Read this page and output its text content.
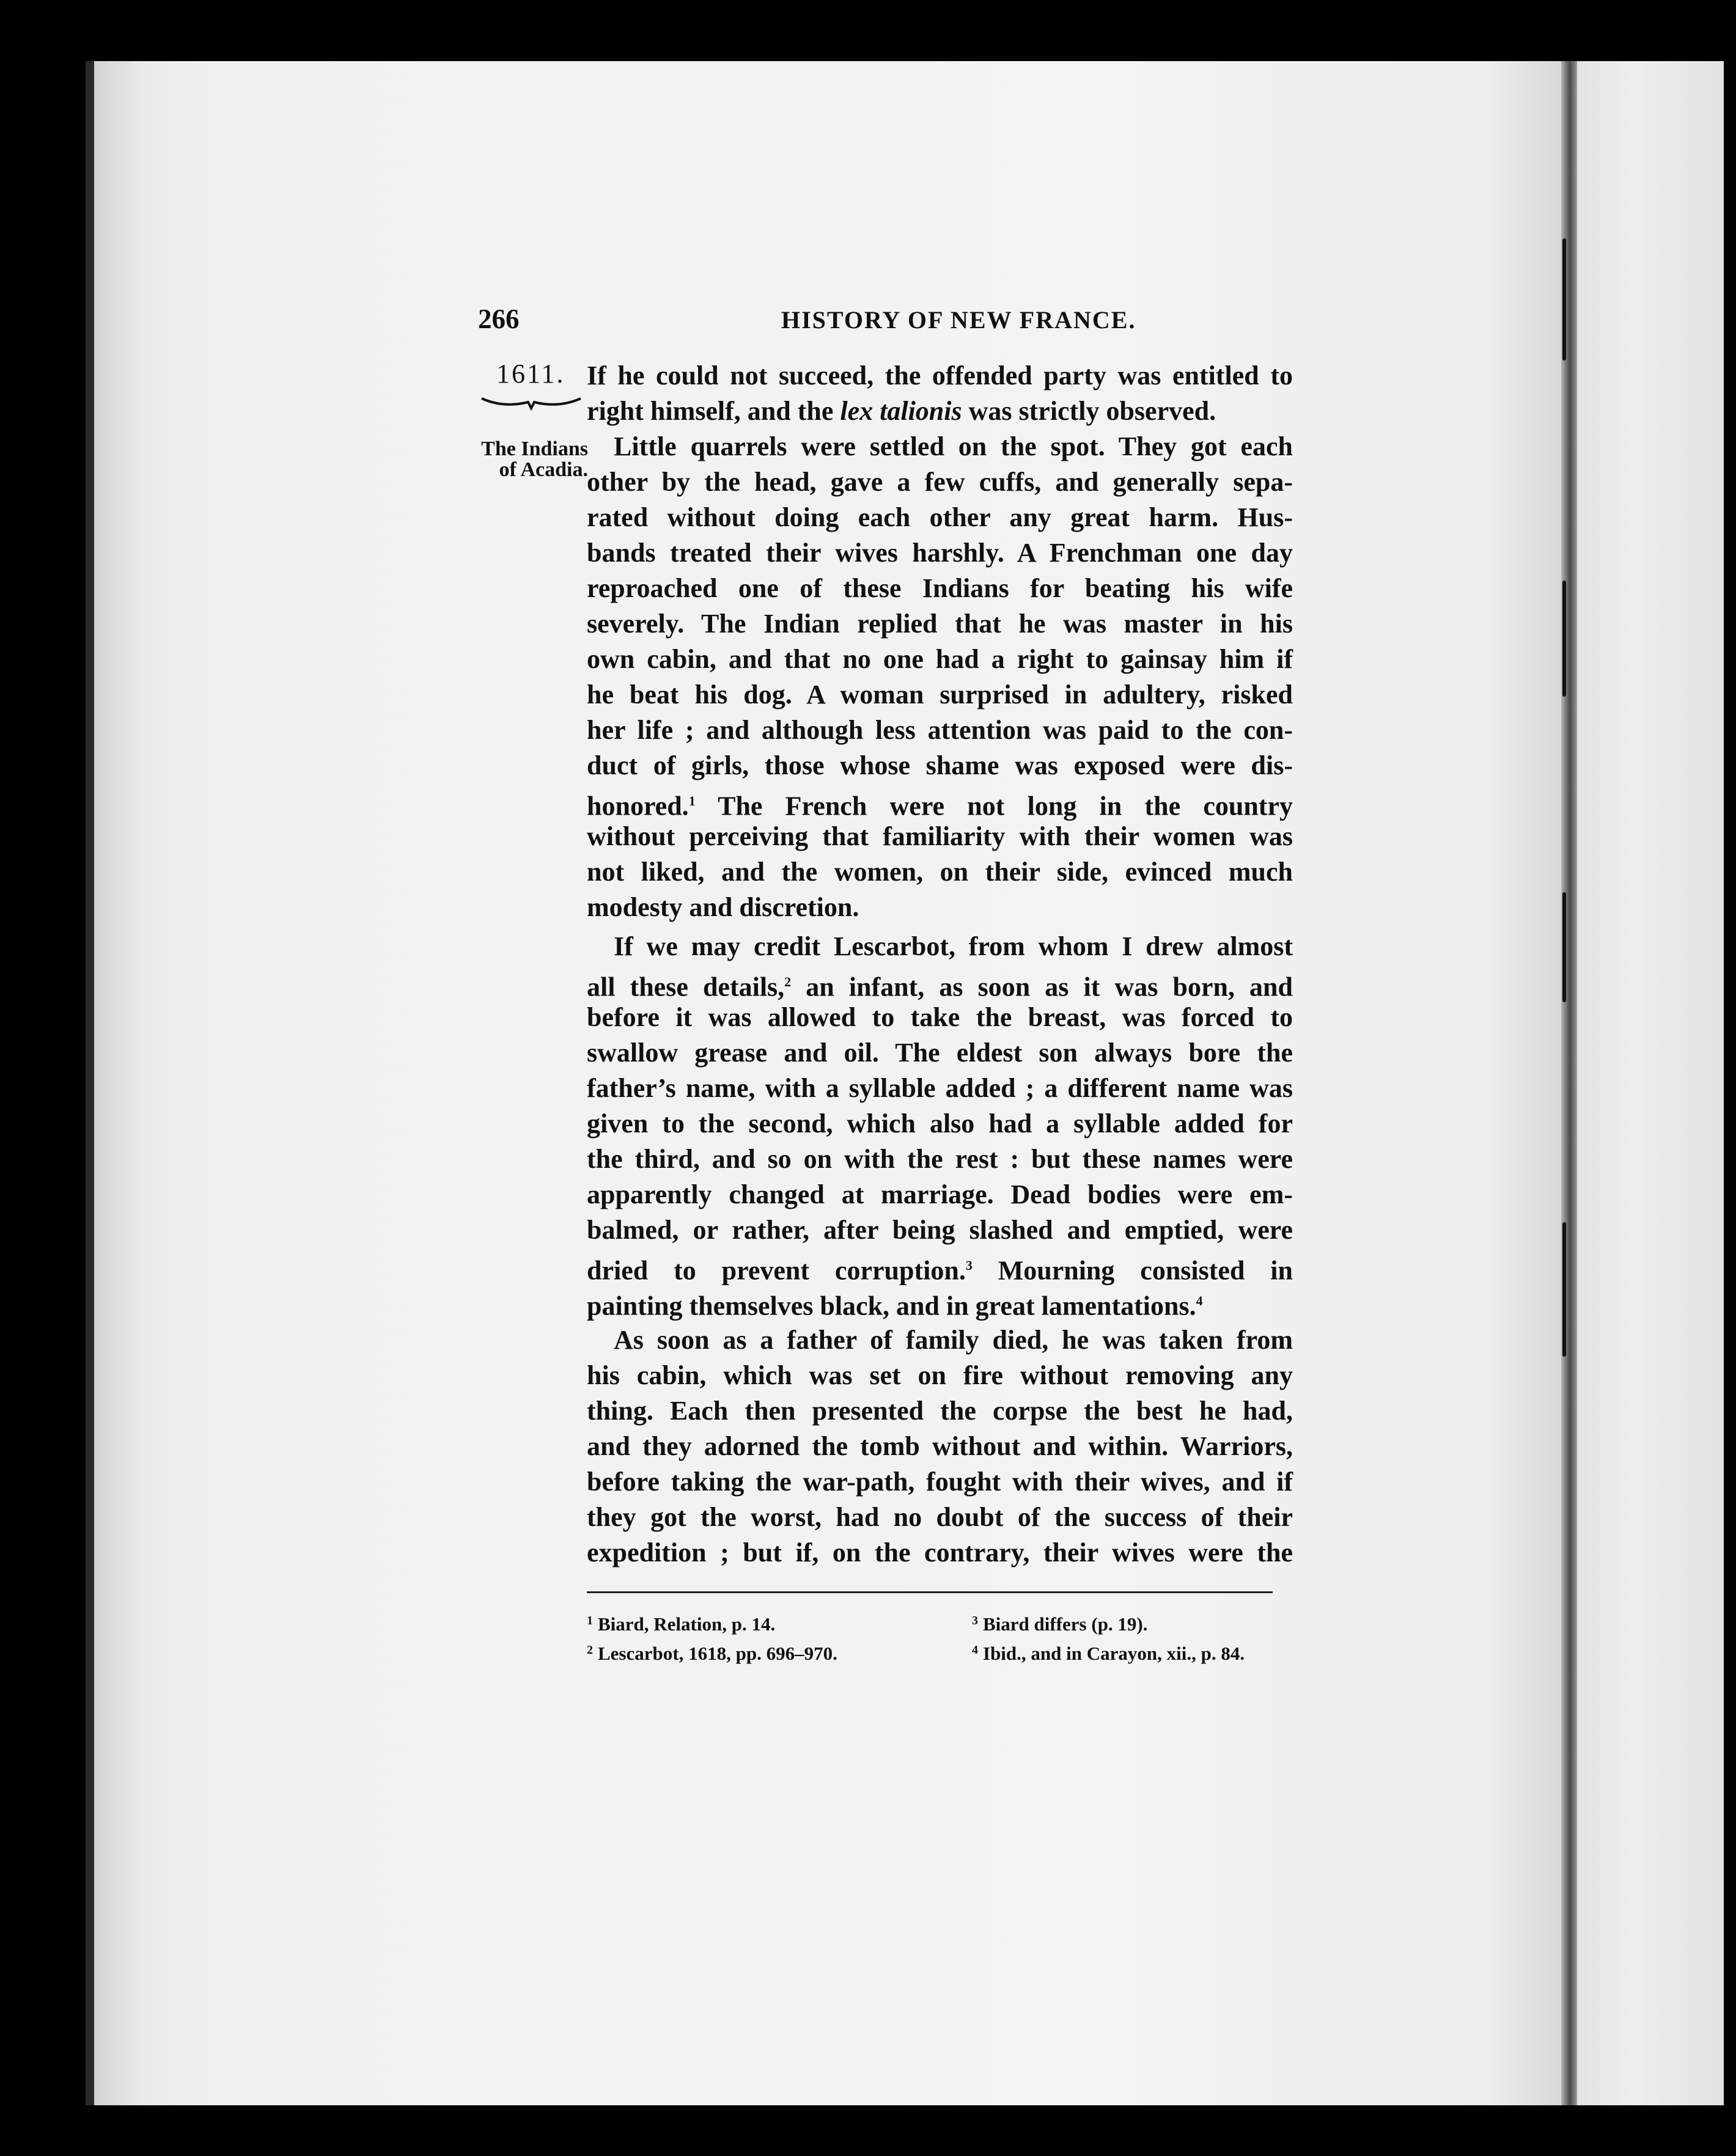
266	HISTORY OF NEW FRANCE.
1611.
The Indians
of Acadia.
If he could not succeed, the offended party was entitled to
right himself, and the lex talionis was strictly observed.
Little quarrels were settled on the spot. They got each
other by the head, gave a few cuffs, and generally sepa-
rated without doing each other any great harm. Hus-
bands treated their wives harshly. A Frenchman one day
reproached one of these Indians for beating his wife
severely. The Indian replied that he was master in his
own cabin, and that no one had a right to gainsay him if
he beat his dog. A woman surprised in adultery, risked
her life ; and although less attention was paid to the con-
duct of girls, those whose shame was exposed were dis-
honored.$^1$ The French were not long in the country
without perceiving that familiarity with their women was
not liked, and the women, on their side, evinced much
modesty and discretion.
If we may credit Lescarbot, from whom I drew almost
all these details,$^2$ an infant, as soon as it was born, and
before it was allowed to take the breast, was forced to
swallow grease and oil. The eldest son always bore the
father’s name, with a syllable added ; a different name was
given to the second, which also had a syllable added for
the third, and so on with the rest : but these names were
apparently changed at marriage. Dead bodies were em-
balmed, or rather, after being slashed and emptied, were
dried to prevent corruption.$^3$ Mourning consisted in
painting themselves black, and in great lamentations.$^4$
As soon as a father of family died, he was taken from
his cabin, which was set on fire without removing any
thing. Each then presented the corpse the best he had,
and they adorned the tomb without and within. Warriors,
before taking the war-path, fought with their wives, and if
they got the worst, had no doubt of the success of their
expedition ; but if, on the contrary, their wives were the
$^1$ Biard, Relation, p. 14.
$^2$ Lescarbot, 1618, pp. 696–970.
$^3$ Biard differs (p. 19).
$^4$ Ibid., and in Carayon, xii., p. 84.
